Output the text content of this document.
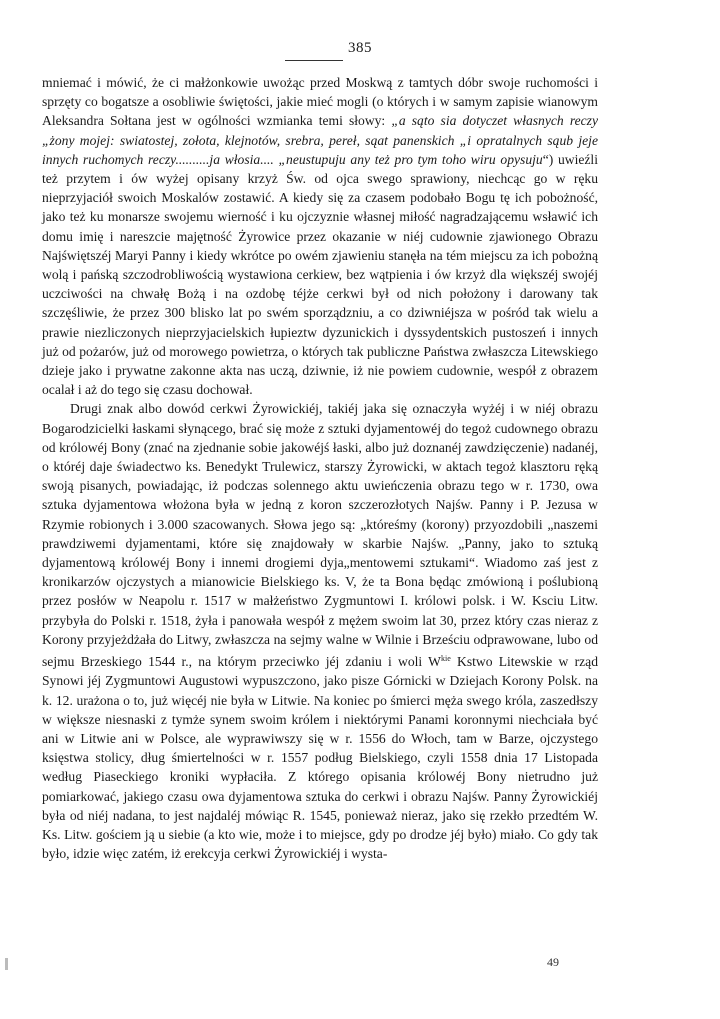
385

mniemać i mówić, że ci małżonkowie uwożąc przed Moskwą z tamtych dóbr swoje ruchomości i sprzęty co bogatsze a osobliwie świętości, jakie mieć mogli (o których i w samym zapisie wianowym Aleksandra Sołtana jest w ogólności wzmianka temi słowy: „a sąto sia dotyczet własnych reczy „żony mojej: swiatostej, zołota, klejnotów, srebra, pereł, sąat panenskich „i opratalnych sąub jeje innych ruchomych reczy..........ja włosia.... „neustupuju any też pro tym toho wiru opysuju“) uwieźli też przytem i ów wyżej opisany krzyż Św. od ojca swego sprawiony, niechcąc go w ręku nieprzyjaciół swoich Moskalów zostawić. A kiedy się za czasem podobało Bogu tę ich pobożność, jako też ku monarsze swojemu wierność i ku ojczyznie własnej miłość nagradzającemu wsławić ich domu imię i nareszcie majętność Żyrowice przez okazanie w niéj cudownie zjawionego Obrazu Najświętszéj Maryi Panny i kiedy wkrótce po owém zjawieniu stanęła na tém miejscu za ich pobożną wolą i pańską szczodrobliwością wystawiona cerkiew, bez wątpienia i ów krzyż dla większéj swojéj uczciwości na chwałę Bożą i na ozdobę téjże cerkwi był od nich położony i darowany tak szczęśliwie, że przez 300 blisko lat po swém sporządzniu, a co dziwniéjsza w pośród tak wielu a prawie niezliczonych nieprzyjacielskich łupieztw dyzunickich i dyssydentskich pustoszeń i innych już od pożarów, już od morowego powietrza, o których tak publiczne Państwa zwłaszcza Litewskiego dzieje jako i prywatne zakonne akta nas uczą, dziwnie, iż nie powiem cudownie, wespół z obrazem ocalał i aż do tego się czasu dochował.

Drugi znak albo dowód cerkwi Żyrowickiéj, takiéj jaka się oznaczyła wyżéj i w niéj obrazu Bogarodzicielki łaskami słynącego, brać się może z sztuki dyjamentowéj do tegoż cudownego obrazu od królowéj Bony (znać na zjednanie sobie jakowéjś łaski, albo już doznanéj zawdzięczenie) nadanéj, o któréj daje świadectwo ks. Benedykt Trulewicz, starszy Żyrowicki, w aktach tegoż klasztoru ręką swoją pisanych, powiadając, iż podczas solennego aktu uwieńczenia obrazu tego w r. 1730, owa sztuka dyjamentowa włożona była w jedną z koron szczerozłotych Najśw. Panny i P. Jezusa w Rzymie robionych i 3.000 szacowanych. Słowa jego są: „któreśmy (korony) przyozdobili „naszemi prawdziwemi dyjamentami, które się znajdowały w skarbie Najśw. „Panny, jako to sztuką dyjamentową królowéj Bony i innemi drogiemi dyja„mentowemi sztukami“. Wiadomo zaś jest z kronikarzów ojczystych a mianowicie Bielskiego ks. V, że ta Bona będąc zmówioną i poślubioną przez posłów w Neapolu r. 1517 w małżeństwo Zygmuntowi I. królowi polsk. i W. Ksciu Litw. przybyła do Polski r. 1518, żyła i panowała wespół z mężem swoim lat 30, przez który czas nieraz z Korony przyjeżdżała do Litwy, zwłaszcza na sejmy walne w Wilnie i Brześciu odprawowane, lubo od sejmu Brzeskiego 1544 r., na którym przeciwko jéj zdaniu i woli $W^{kie}$ Kstwo Litewskie w rząd Synowi jéj Zygmuntowi Augustowi wypuszczono, jako pisze Górnicki w Dziejach Korony Polsk. na k. 12. urażona o to, już więcéj nie była w Litwie. Na koniec po śmierci męża swego króla, zaszedłszy w większe niesnaski z tymże synem swoim królem i niektórymi Panami koronnymi niechciała być ani w Litwie ani w Polsce, ale wyprawiwszy się w r. 1556 do Włoch, tam w Barze, ojczystego księstwa stolicy, dług śmiertelności w r. 1557 podług Bielskiego, czyli 1558 dnia 17 Listopada według Piaseckiego kroniki wypłaciła. Z którego opisania królowéj Bony nietrudno już pomiarkować, jakiego czasu owa dyjamentowa sztuka do cerkwi i obrazu Najśw. Panny Żyrowickiéj była od niéj nadana, to jest najdaléj mówiąc R. 1545, ponieważ nieraz, jako się rzekło przedtém W. Ks. Litw. gościem ją u siebie (a kto wie, może i to miejsce, gdy po drodze jéj było) miało. Co gdy tak było, idzie więc zatém, iż erekcyja cerkwi Żyrowickiéj i wysta-

49
